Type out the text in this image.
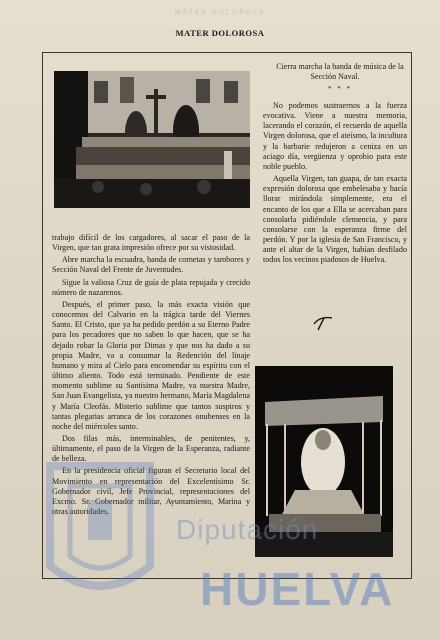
MATER DOLOROSA
MATER DOLOROSA

trabajo difícil de los cargadores, al sacar el paso de la Virgen, que tan grata impresión ofrece por su vistosidad.

Abre marcha la escuadra, banda de cornetas y tambores y Sección Naval del Frente de Juventudes.

Sigue la valiosa Cruz de guía de plata repujada y crecido número de nazarenos.

Después, el primer paso, la más exacta visión que conocemos del Calvario en la trágica tarde del Viernes Santo. El Cristo, que ya ha pedido perdón a su Eterno Padre para los pecadores que no saben lo que hacen, que se ha dejado robar la Gloria por Dimas y que nos ha dado a su propia Madre, va a consumar la Redención del linaje humano y mira al Cielo para encomendar su espíritu con el último aliento. Todo está terminado. Pendiente de este momento sublime su Santísima Madre, va nuestra Madre, San Juan Evangelista, ya nuestro hermano, María Magdalena y María Cleofás. Misterio sublime que tantos suspiros y tantas plegarias arranca de los corazones onubenses en la noche del miércoles santo.

Dos filas más, interminables, de penitentes, y, últimamente, el paso de la Virgen de la Esperanza, radiante de belleza.

En la presidencia oficial figuran el Secretario local del Movimiento en representación del Excelentísimo Sr. Gobernador civil, Jefe Provincial, representaciones del Excmo. Sr. Gobernador militar, Ayuntamiento, Marina y otras autoridades.

Cierra marcha la banda de música de la Sección Naval.

* * *

No podemos sustraernos a la fuerza evocativa. Viene a nuestra memoria, lacerando el corazón, el recuerdo de aquella Virgen dolorosa, que el ateísmo, la incultura y la barbarie redujeron a ceniza en un aciago día, vergüenza y oprobio para este noble pueblo.

Aquella Virgen, tan guapa, de tan exacta expresión dolorosa que embelesaba y hacía llorar mirándola simplemente, era el encanto de los que a Ella se acercaban para consolarla pidiéndole clemencia, y para consolarse con la esperanza firme del perdón. Y por la iglesia de San Francisco, y ante el altar de la Virgen, habían desfilado todos los vecinos piadosos de Huelva.

Diputación
HUELVA
